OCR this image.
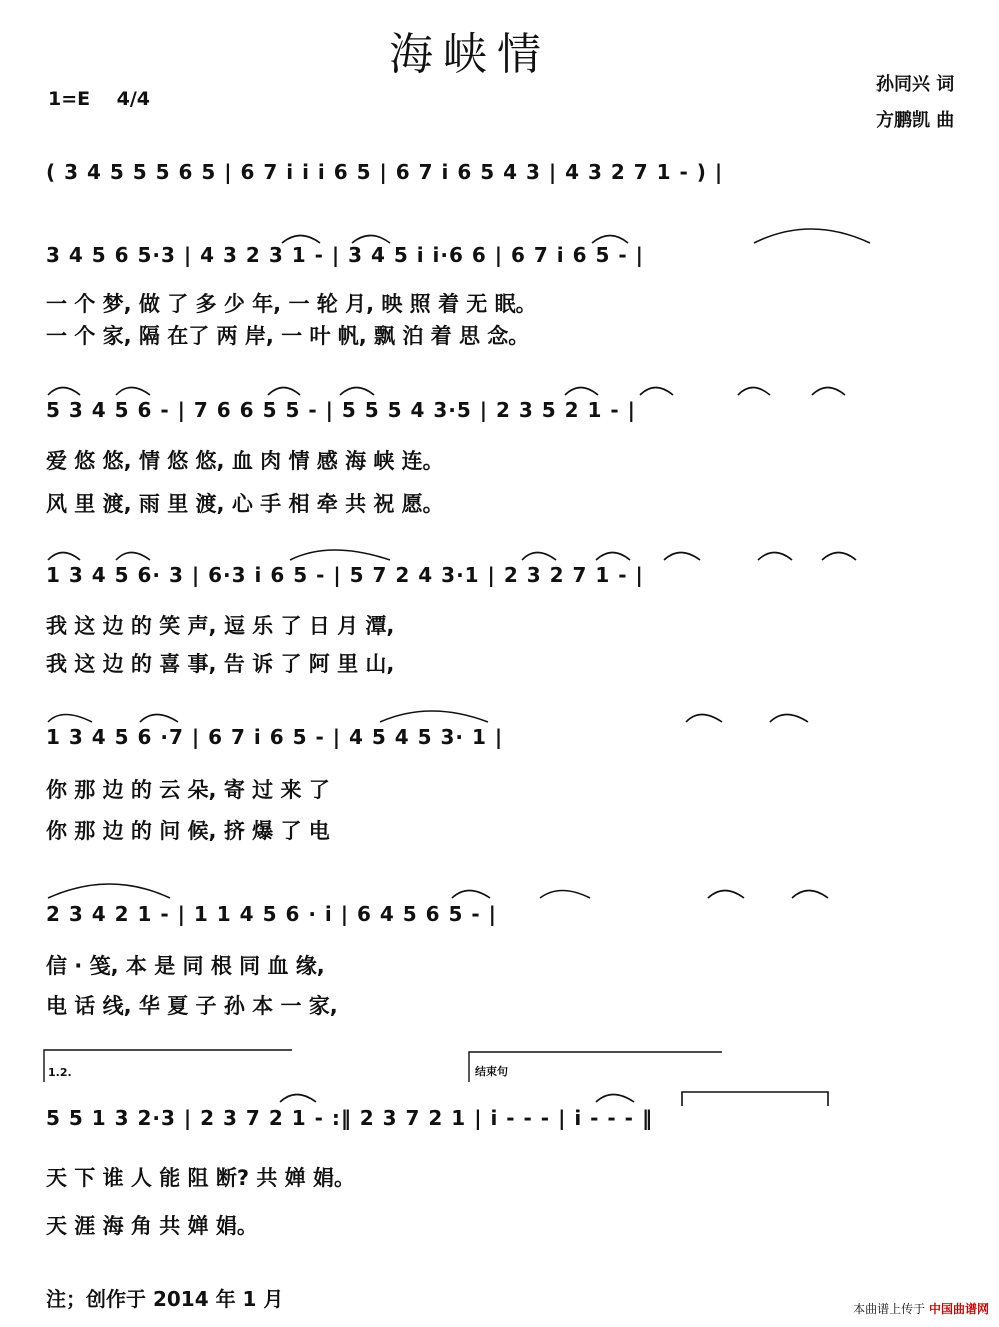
海峡情
1=E 4/4
孙同兴 词
方鹏凯 曲
( 3 4 5 5 5 6 5 | 6 7 i i i 6 5 | 6 7 i 6 5 4 3 | 4 3 2 7 1 - ) |
3 4 5 6 5·3 | 4 3 2 3 1 - | 3 4 5 i i·6 6 | 6 7 i 6 5 - |
一 个 梦, 做 了 多 少 年, 一 轮 月, 映 照 着 无 眠。
一 个 家, 隔 在了 两 岸, 一 叶 帆, 飘 泊 着 思 念。
5 3 4 5 6 - | 7 6 6 5 5 - | 5 5 5 4 3·5 | 2 3 5 2 1 - |
爱 悠 悠, 情 悠 悠, 血 肉 情 感 海 峡 连。
风 里 渡, 雨 里 渡, 心 手 相 牵 共 祝 愿。
1 3 4 5 6· 3 | 6·3 i 6 5 - | 5 7 2 4 3·1 | 2 3 2 7 1 - |
我 这 边 的 笑 声, 逗 乐 了 日 月 潭,
我 这 边 的 喜 事, 告 诉 了 阿 里 山,
1 3 4 5 6 ·7 | 6 7 i 6 5 - | 4 5 4 5 3· 1 |
你 那 边 的 云 朵, 寄 过 来 了
你 那 边 的 问 候, 挤 爆 了 电
2 3 4 2 1 - | 1 1 4 5 6 · i | 6 4 5 6 5 - |
信 · 笺, 本 是 同 根 同 血 缘,
电 话 线, 华 夏 子 孙 本 一 家,
1.2.	结束句
5 5 1 3 2·3 | 2 3 7 2 1 - :‖ 2 3 7 2 1 | i - - - | i - - - ‖
天 下 谁 人 能 阻 断? 共 婵 娟。
天 涯 海 角 共 婵 娟。
注；创作于 2014 年 1 月	本曲谱上传于 中国曲谱网
